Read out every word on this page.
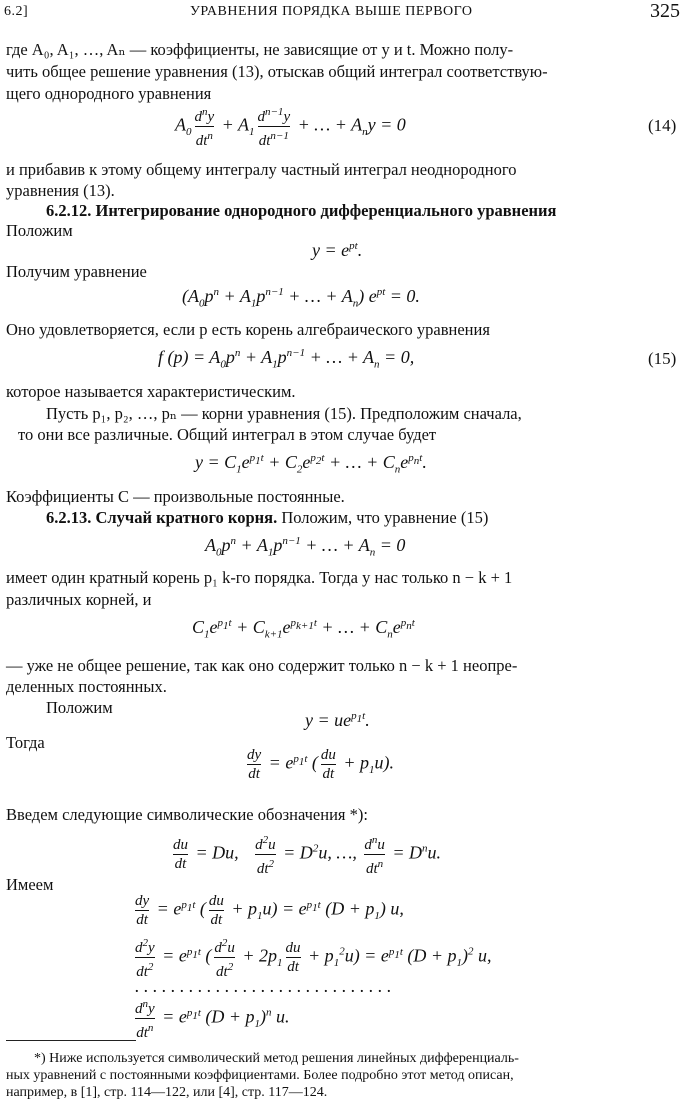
6.2]	УРАВНЕНИЯ ПОРЯДКА ВЫШЕ ПЕРВОГО	325
где A₀, A₁, …, Aₙ — коэффициенты, не зависящие от y и t. Можно полу-
чить общее решение уравнения (13), отыскав общий интеграл соответствую-
щего однородного уравнения
$A_0$
$d^ny$
$dt^n$
+ $A_1$
$d^{n-1}y$
$dt^{n-1}$
+ … + $A_ny = 0$	(14)
и прибавив к этому общему интегралу частный интеграл неоднородного
уравнения (13).
6.2.12. Интегрирование однородного дифференциального уравнения
Положим
$y = e^{pt}$.
Получим уравнение
($A_0p^n + A_1p^{n-1}$ + … + $A_n$) $e^{pt} = 0$.
Оно удовлетворяется, если p есть корень алгебраического уравнения
f $(p) = A_0p^n + A_1p^{n-1}$ + … + $A_n = 0$,	(15)
которое называется характеристическим.
Пусть p₁, p₂, …, pₙ — корни уравнения (15). Предположим сначала,
то они все различные. Общий интеграл в этом случае будет
$y = C_1e^{p_1t} + C_2e^{p_2t}$ + … + $C_ne^{p_nt}$.
Коэффициенты C — произвольные постоянные.
6.2.13. Случай кратного корня. Положим, что уравнение (15)
$A_0p^n + A_1p^{n-1}$ + … + $A_n = 0$
имеет один кратный корень p₁ k-го порядка. Тогда у нас только n − k + 1
различных корней, и
$C_1e^{p_1t} + C_{k+1}e^{p_{k+1}t}$ + … + $C_ne^{p_nt}$
— уже не общее решение, так как оно содержит только n − k + 1 неопре-
деленных постоянных.
Положим
$y = ue^{p_1t}$.
Тогда
$\frac{dy}{dt} = e^{p_1t}$ ( $\frac{du}{dt} + p_1u$).
Введем следующие символические обозначения *):
$\frac{du}{dt} = Du$, $\frac{d^2u}{dt^2} = D^2u$, …, $d^nu$
$dt^n$
= $D^nu$.
Имеем
$\frac{dy}{dt} = e^{p_1t}$ ( $\frac{du}{dt} + p_1u) = e^{p_1t}$ $(D + p_1)$ u,
$\frac{d^2y}{dt^2} = e^{p_1t}$ ( $\frac{d^2u}{dt^2} + 2p_1 \frac{du}{dt} + p_1^2u) = e^{p_1t}$ $(D + p_1)^2$ u,
. . . . . . . . . . . . . . . . . . . . . . . . . . . . .
$d^ny$
$dt^n$
= $e^{p_1t}$ $(D + p_1)^n$ u.
*) Ниже используется символический метод решения линейных дифференциаль-
ных уравнений с постоянными коэффициентами. Более подробно этот метод описан,
например, в [1], стр. 114—122, или [4], стр. 117—124.
